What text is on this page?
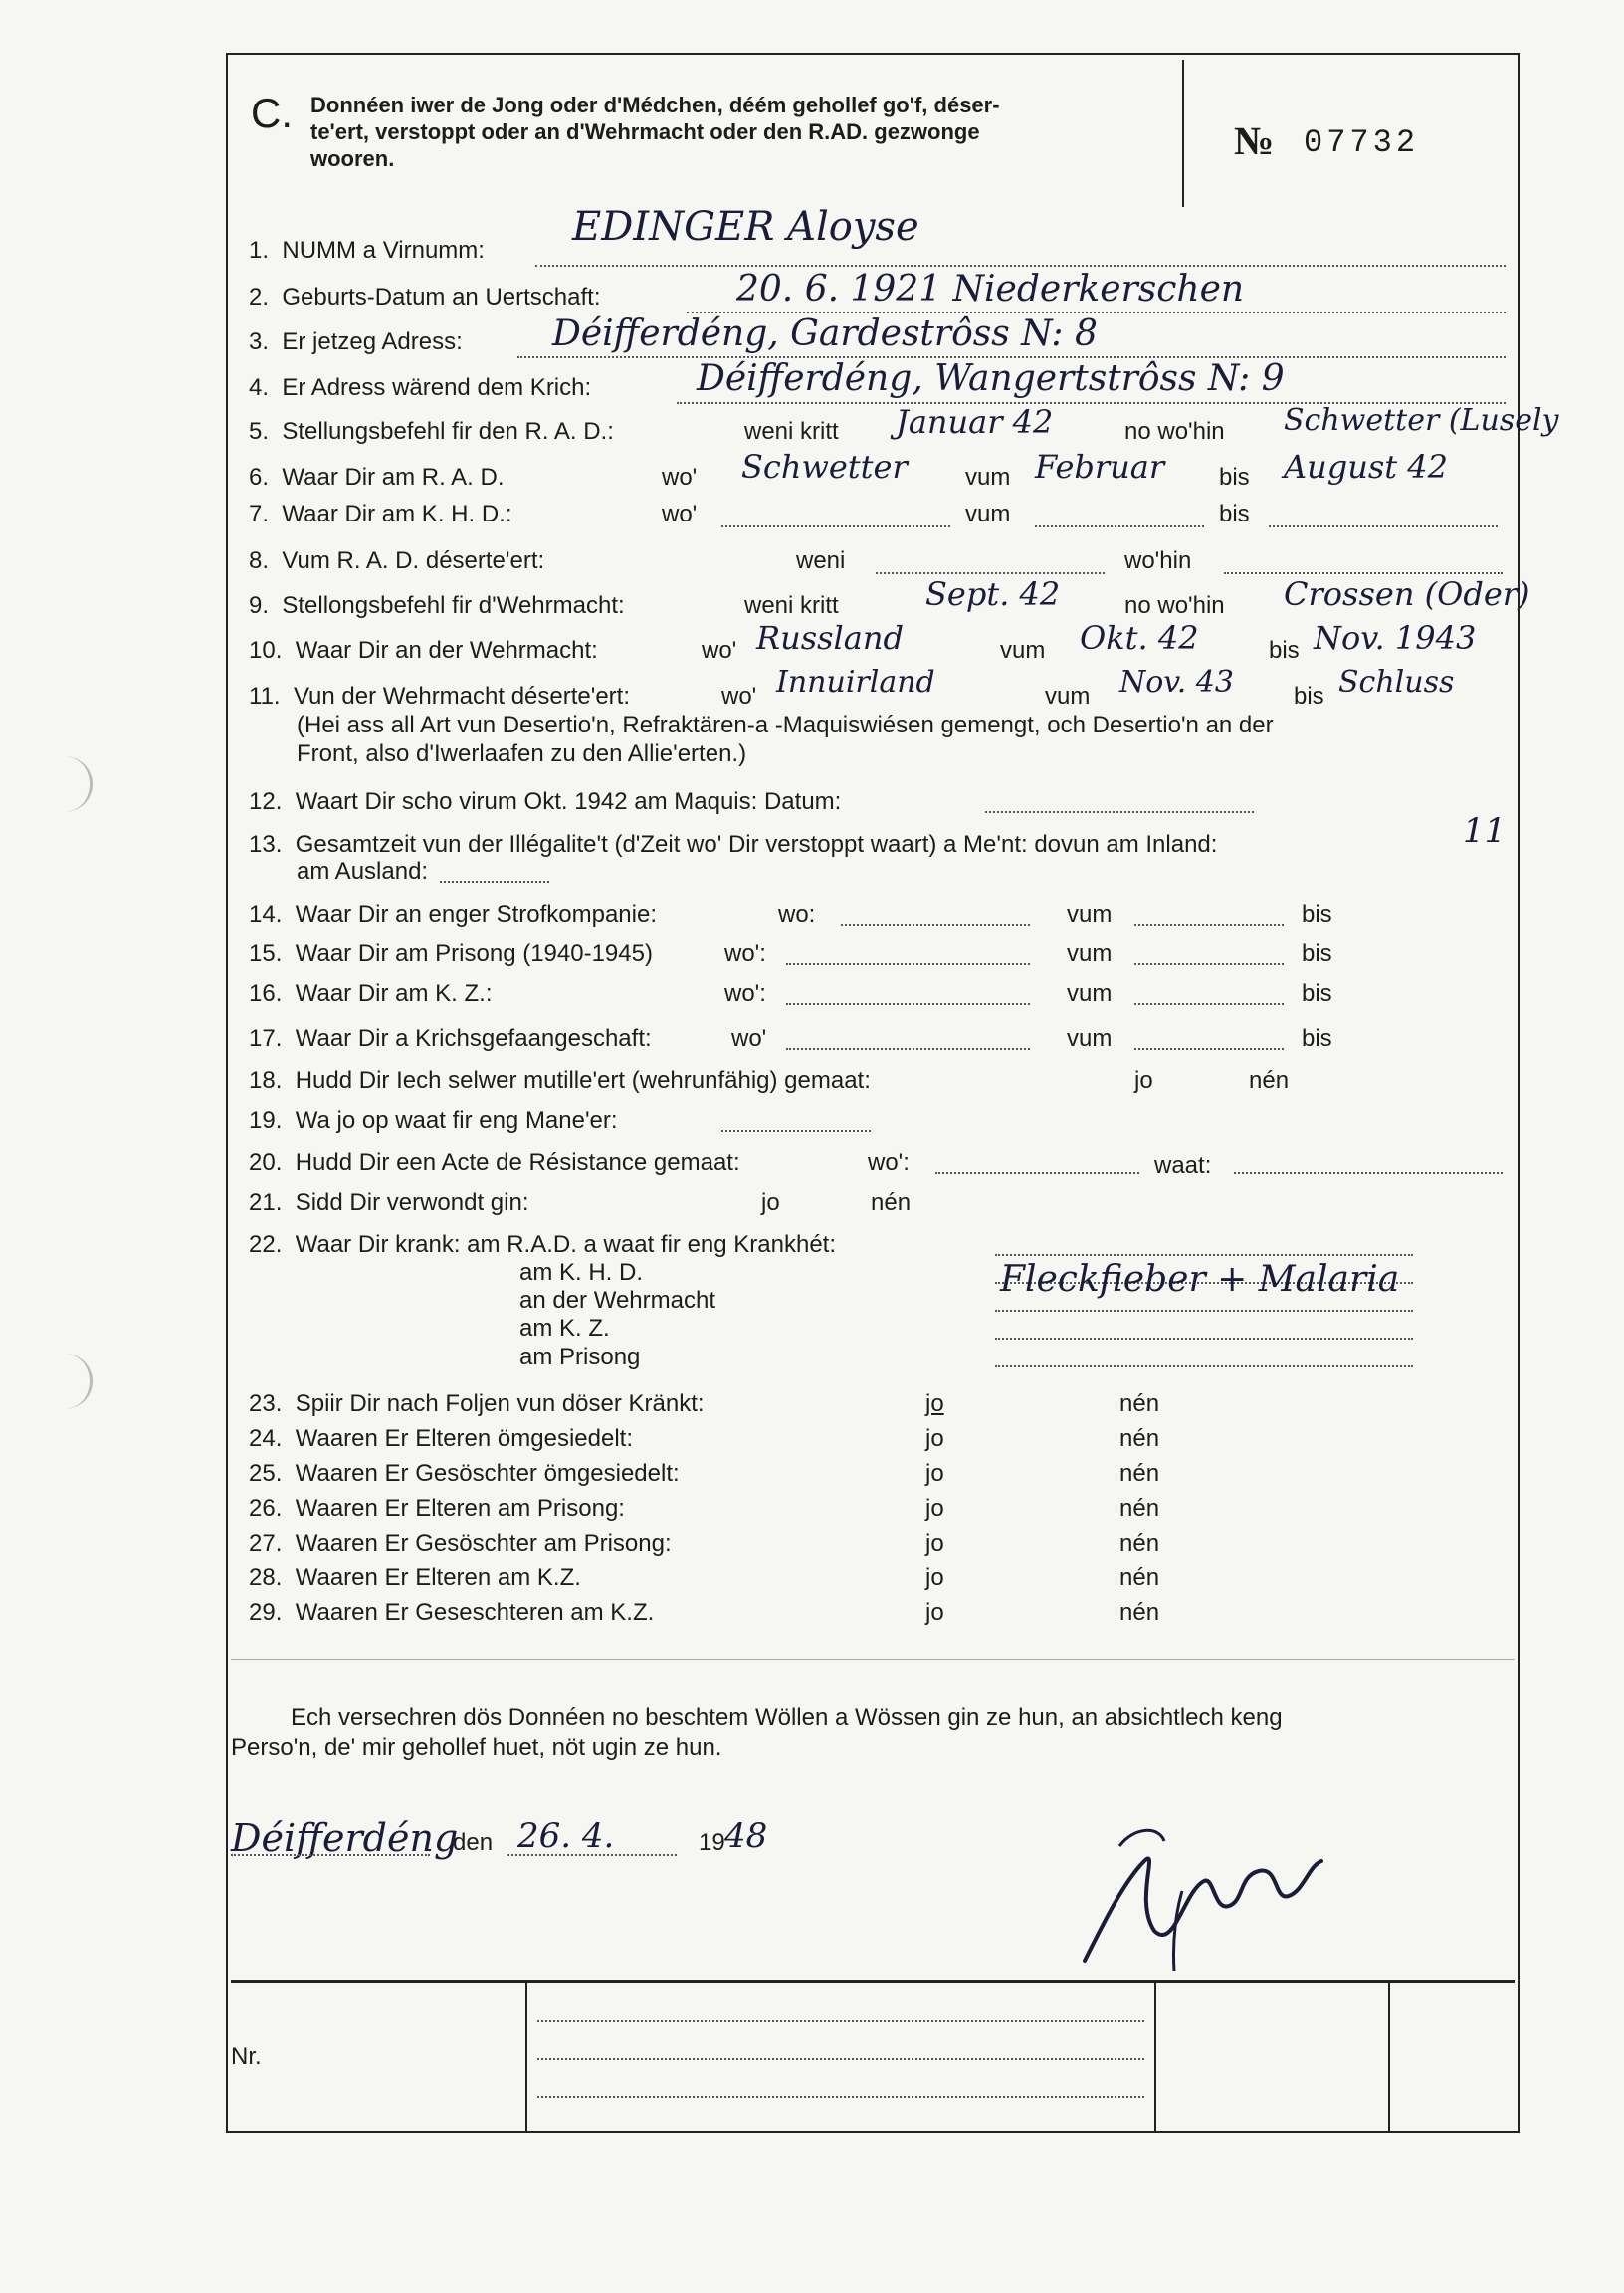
C. Donnéen iwer de Jong oder d'Médchen, déém gehollef go'f, déser-
te'ert, verstoppt oder an d'Wehrmacht oder den R.AD. gezwonge
wooren.	№ 07732
1. NUMM a Virnumm:
EDINGER Aloyse
2. Geburts-Datum an Uertschaft:	20. 6. 1921 Niederkerschen
3. Er jetzeg Adress:	Déifferdéng, Gardestrôss N: 8
4. Er Adress wärend dem Krich:	Déifferdéng, Wangertstrôss N: 9
5. Stellungsbefehl fir den R. A. D.:	weni kritt Januar 42	no wo'hin Schwetter (Lusely
6. Waar Dir am R. A. D.	wo' Schwetter vum Februar bis August 42
7. Waar Dir am K. H. D.:	wo'	vum	bis
8. Vum R. A. D. déserte'ert:	weni	wo'hin
9. Stellongsbefehl fir d'Wehrmacht:	weni kritt	Sept. 42	no wo'hin Crossen (Oder)
10. Waar Dir an der Wehrmacht:	wo' Russland	vum Okt. 42	bis Nov. 1943
11. Vun der Wehrmacht déserte'ert:	wo' Innuirland	vum Nov. 43	bis Schluss
(Hei ass all Art vun Desertio'n, Refraktären-a -Maquiswiésen gemengt, och Desertio'n an der
Front, also d'Iwerlaafen zu den Allie'erten.)
12. Waart Dir scho virum Okt. 1942 am Maquis: Datum:
13. Gesamtzeit vun der Illégalite't (d'Zeit wo' Dir verstoppt waart) a Me'nt: dovun am Inland:	11
am Ausland:
14. Waar Dir an enger Strofkompanie:	wo:	vum	bis
15. Waar Dir am Prisong (1940-1945)	wo':	vum	bis
16. Waar Dir am K. Z.:	wo':	vum	bis
17. Waar Dir a Krichsgefaangeschaft:	wo'	vum	bis
18. Hudd Dir Iech selwer mutille'ert (wehrunfähig) gemaat:	jo	nén
19. Wa jo op waat fir eng Mane'er:
20. Hudd Dir een Acte de Résistance gemaat:	wo':	waat:
21. Sidd Dir verwondt gin:	jo	nén
22. Waar Dir krank: am R.A.D. a waat fir eng Krankhét:
am K. H. D.
an der Wehrmacht
Fleckfieber + Malaria
am K. Z.
am Prisong
23. Spiir Dir nach Foljen vun döser Kränkt:	jo	nén
24. Waaren Er Elteren ömgesiedelt:	jo	nén
25. Waaren Er Gesöschter ömgesiedelt:	jo	nén
26. Waaren Er Elteren am Prisong:	jo	nén
27. Waaren Er Gesöschter am Prisong:	jo	nén
28. Waaren Er Elteren am K.Z.	jo	nén
29. Waaren Er Geseschteren am K.Z.	jo	nén
Ech versechren dös Donnéen no beschtem Wöllen a Wössen gin ze hun, an absichtlech keng
Perso'n, de' mir gehollef huet, nöt ugin ze hun.
Déifferdéng
den 26. 4.	19 48
Nr.
